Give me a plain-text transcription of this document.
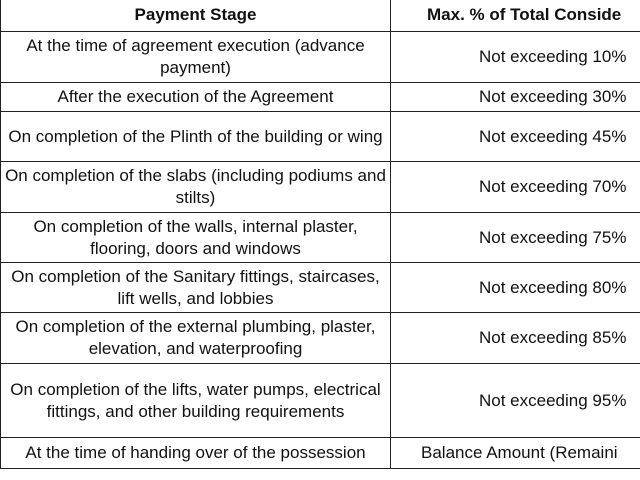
Payment Stage	Max. % of Total Conside
At the time of agreement execution (advance payment)	Not exceeding 10%
After the execution of the Agreement	Not exceeding 30%
On completion of the Plinth of the building or wing	Not exceeding 45%
On completion of the slabs (including podiums and stilts)	Not exceeding 70%
On completion of the walls, internal plaster, flooring, doors and windows	Not exceeding 75%
On completion of the Sanitary fittings, staircases, lift wells, and lobbies	Not exceeding 80%
On completion of the external plumbing, plaster, elevation, and waterproofing	Not exceeding 85%
On completion of the lifts, water pumps, electrical fittings, and other building requirements	Not exceeding 95%
At the time of handing over of the possession	Balance Amount (Remaini
